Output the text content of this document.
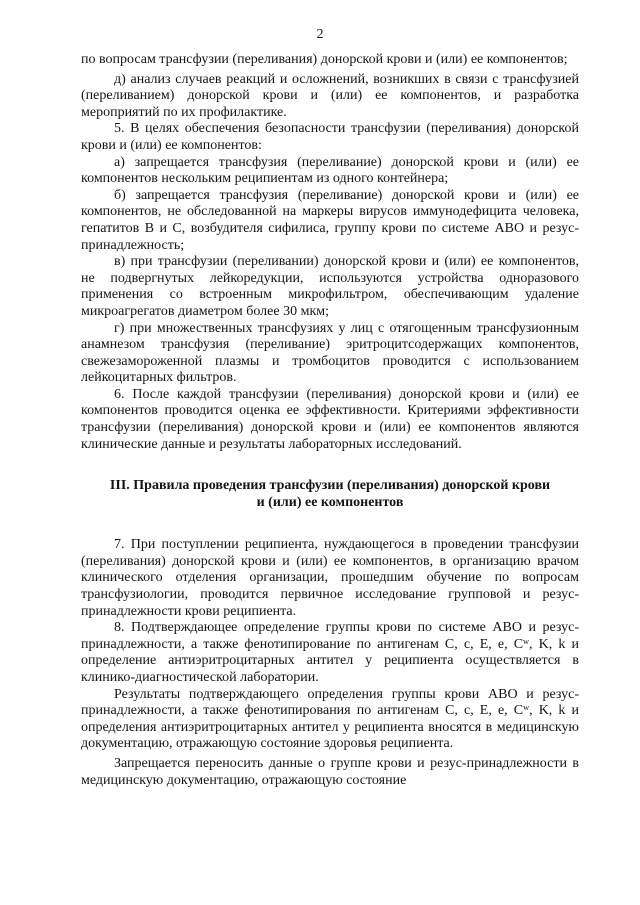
2

по вопросам трансфузии (переливания) донорской крови и (или) ее компонентов;

д) анализ случаев реакций и осложнений, возникших в связи с трансфузией (переливанием) донорской крови и (или) ее компонентов, и разработка мероприятий по их профилактике.

5. В целях обеспечения безопасности трансфузии (переливания) донорской крови и (или) ее компонентов:

а) запрещается трансфузия (переливание) донорской крови и (или) ее компонентов нескольким реципиентам из одного контейнера;

б) запрещается трансфузия (переливание) донорской крови и (или) ее компонентов, не обследованной на маркеры вирусов иммунодефицита человека, гепатитов B и C, возбудителя сифилиса, группу крови по системе АВО и резус-принадлежность;

в) при трансфузии (переливании) донорской крови и (или) ее компонентов, не подвергнутых лейкоредукции, используются устройства одноразового применения со встроенным микрофильтром, обеспечивающим удаление микроагрегатов диаметром более 30 мкм;

г) при множественных трансфузиях у лиц с отягощенным трансфузионным анамнезом трансфузия (переливание) эритроцитсодержащих компонентов, свежезамороженной плазмы и тромбоцитов проводится с использованием лейкоцитарных фильтров.

6. После каждой трансфузии (переливания) донорской крови и (или) ее компонентов проводится оценка ее эффективности. Критериями эффективности трансфузии (переливания) донорской крови и (или) ее компонентов являются клинические данные и результаты лабораторных исследований.

III. Правила проведения трансфузии (переливания) донорской крови
и (или) ее компонентов

7. При поступлении реципиента, нуждающегося в проведении трансфузии (переливания) донорской крови и (или) ее компонентов, в организацию врачом клинического отделения организации, прошедшим обучение по вопросам трансфузиологии, проводится первичное исследование групповой и резус-принадлежности крови реципиента.

8. Подтверждающее определение группы крови по системе АВО и резус-принадлежности, а также фенотипирование по антигенам C, c, E, e, Cʷ, K, k и определение антиэритроцитарных антител у реципиента осуществляется в клинико-диагностической лаборатории.

Результаты подтверждающего определения группы крови АВО и резус-принадлежности, а также фенотипирования по антигенам C, c, E, e, Cʷ, K, k и определения антиэритроцитарных антител у реципиента вносятся в медицинскую документацию, отражающую состояние здоровья реципиента.

Запрещается переносить данные о группе крови и резус-принадлежности в медицинскую документацию, отражающую состояние
